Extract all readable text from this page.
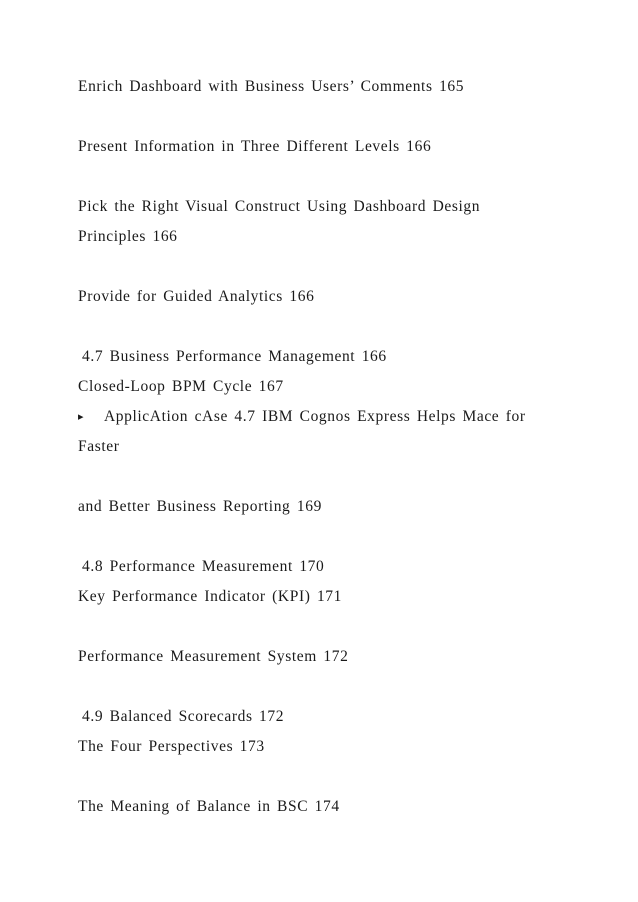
Enrich Dashboard with Business Users’ Comments 165
Present Information in Three Different Levels 166
Pick the Right Visual Construct Using Dashboard Design
Principles 166
Provide for Guided Analytics 166
4.7 Business Performance Management 166
Closed-Loop BPM Cycle 167
▸ ApplicAtion cAse 4.7 IBM Cognos Express Helps Mace for
Faster
and Better Business Reporting 169
4.8 Performance Measurement 170
Key Performance Indicator (KPI) 171
Performance Measurement System 172
4.9 Balanced Scorecards 172
The Four Perspectives 173
The Meaning of Balance in BSC 174
